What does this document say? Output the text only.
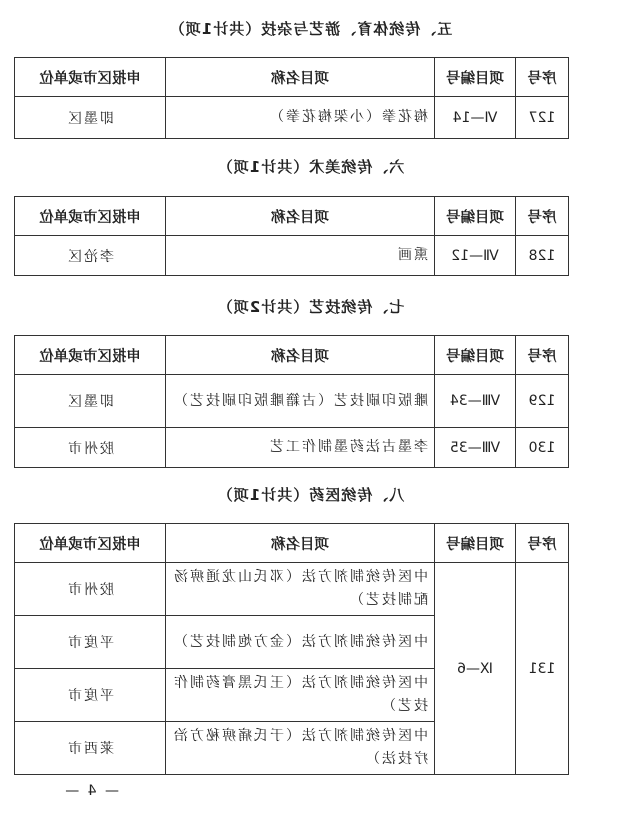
五、传统体育、游艺与杂技（共计1项）
序号	项目编号	项目名称	申报区市或单位
127	Ⅵ—14	梅花拳（小架梅花拳）	即墨区
六、传统美术（共计1项）
序号	项目编号	项目名称	申报区市或单位
128	Ⅶ—12	熏画	李沧区
七、传统技艺（共计2项）
序号	项目编号	项目名称	申报区市或单位
129	Ⅷ—34	雕版印刷技艺（古籍雕版印刷技艺）	即墨区
130	Ⅷ—35	李墨古法药墨制作工艺	胶州市
八、传统医药（共计1项）
序号	项目编号	项目名称	申报区市或单位
131	Ⅸ—6	中医传统制剂方法（邓氏山龙通痹汤配制技艺）	胶州市
		中医传统制剂方法（金方炮制技艺）	平度市
		中医传统制剂方法（王氏黑膏药制作技艺）	平度市
		中医传统制剂方法（于氏痛痹秘方治疗技法）	莱西市
— 4 —
